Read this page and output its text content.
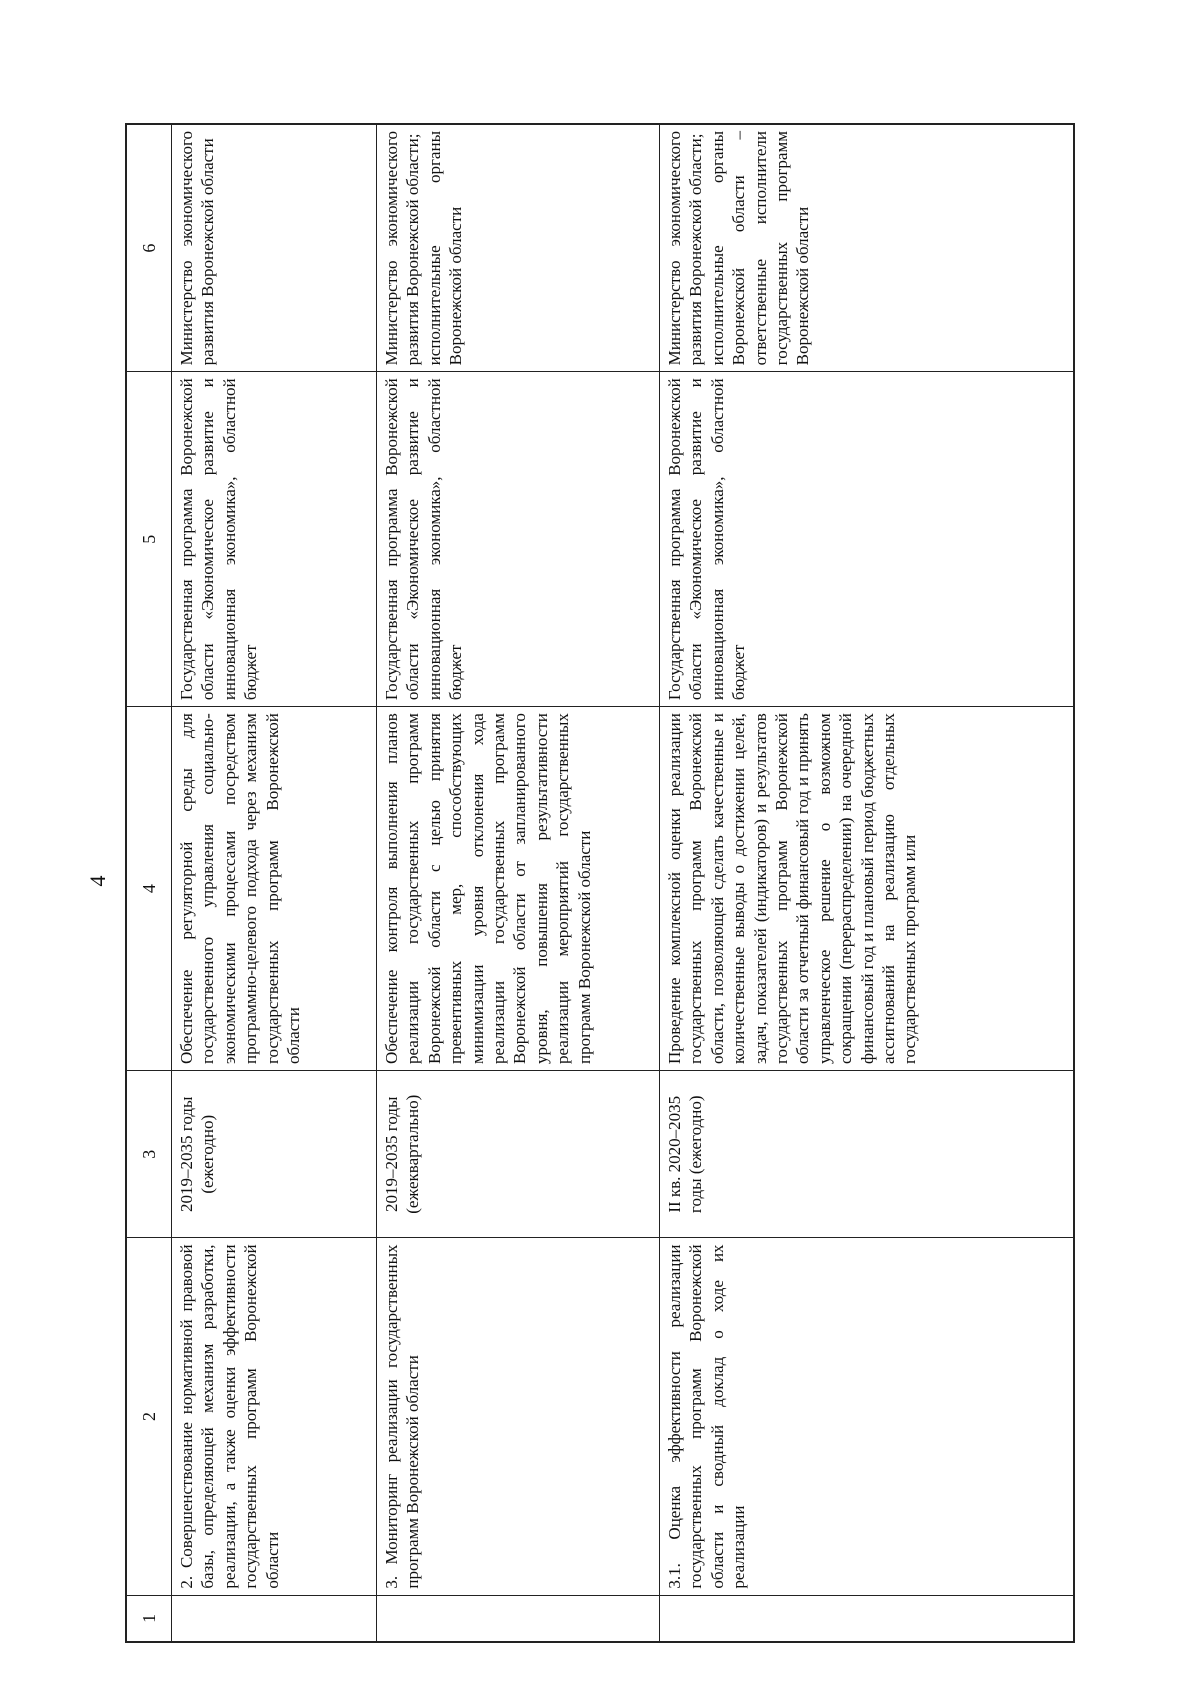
4
1	2	3	4	5	6

	2. Совершенствование нормативной правовой базы, определяющей механизм разработки, реализации, а также оценки эффективности государственных программ Воронежской области	2019–2035 годы (ежегодно)	Обеспечение регуляторной среды для государственного управления социально-экономическими процессами посредством программно-целевого подхода через механизм государственных программ Воронежской области	Государственная программа Воронежской области «Экономическое развитие и инновационная экономика», областной бюджет	Министерство экономического развития Воронежской области

	3. Мониторинг реализации государственных программ Воронежской области	2019–2035 годы (ежеквартально)	Обеспечение контроля выполнения планов реализации государственных программ Воронежской области с целью принятия превентивных мер, способствующих минимизации уровня отклонения хода реализации государственных программ Воронежской области от запланированного уровня, повышения результативности реализации мероприятий государственных программ Воронежской области	Государственная программа Воронежской области «Экономическое развитие и инновационная экономика», областной бюджет	Министерство экономического развития Воронежской области;
исполнительные органы Воронежской области

	3.1. Оценка эффективности реализации государственных программ Воронежской области и сводный доклад о ходе их реализации	II кв. 2020–2035 годы (ежегодно)	Проведение комплексной оценки реализации государственных программ Воронежской области, позволяющей сделать качественные и количественные выводы о достижении целей, задач, показателей (индикаторов) и результатов государственных программ Воронежской области за отчетный финансовый год и принять управленческое решение о возможном сокращении (перераспределении) на очередной финансовый год и плановый период бюджетных ассигнований на реализацию отдельных государственных программ или	Государственная программа Воронежской области «Экономическое развитие и инновационная экономика», областной бюджет	Министерство экономического развития Воронежской области;
исполнительные органы Воронежской области – ответственные исполнители государственных программ Воронежской области
